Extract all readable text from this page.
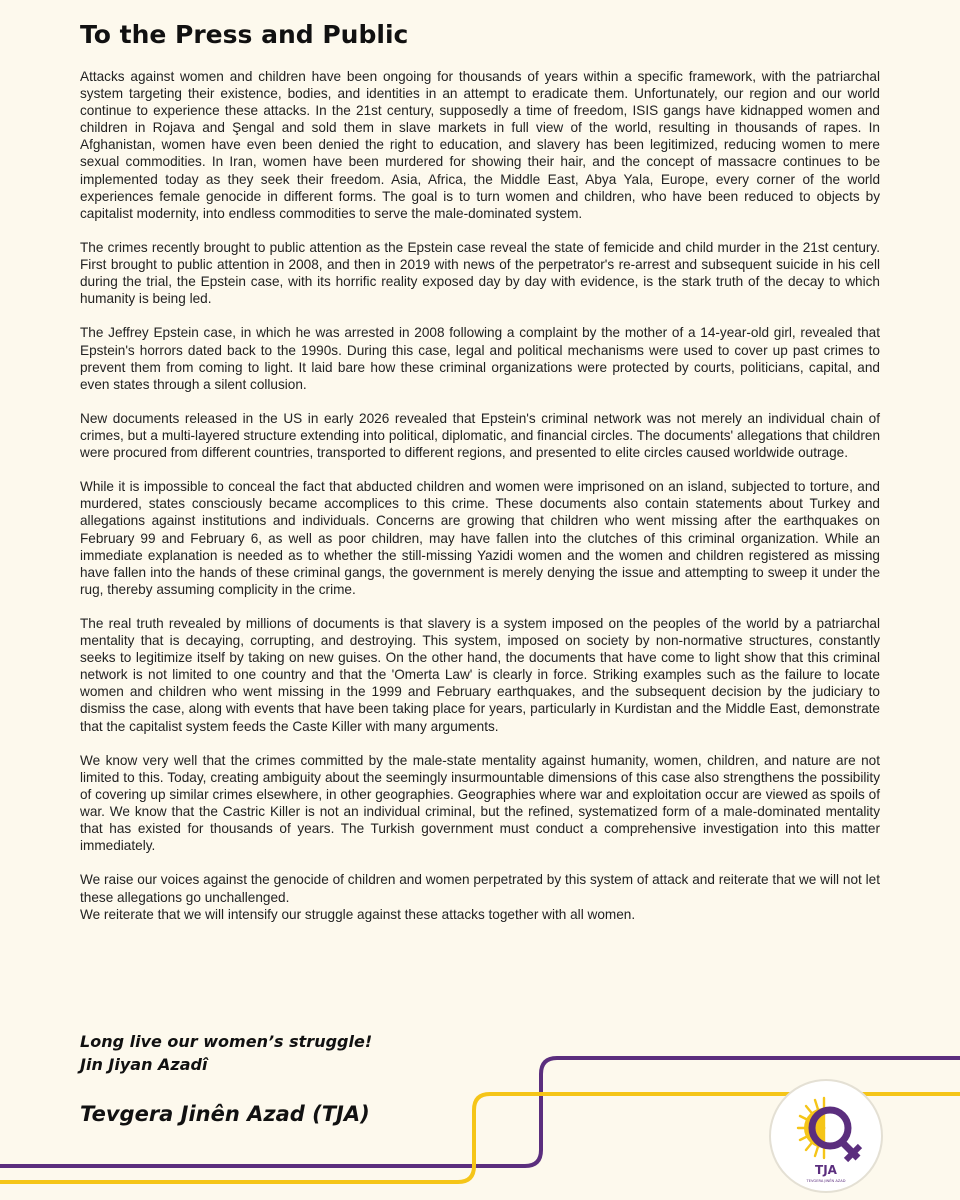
To the Press and Public

Attacks against women and children have been ongoing for thousands of years within a specific framework, with the patriarchal system targeting their existence, bodies, and identities in an attempt to eradicate them. Unfortunately, our region and our world continue to experience these attacks. In the 21st century, supposedly a time of freedom, ISIS gangs have kidnapped women and children in Rojava and Şengal and sold them in slave markets in full view of the world, resulting in thousands of rapes. In Afghanistan, women have even been denied the right to education, and slavery has been legitimized, reducing women to mere sexual commodities. In Iran, women have been murdered for showing their hair, and the concept of massacre continues to be implemented today as they seek their freedom. Asia, Africa, the Middle East, Abya Yala, Europe, every corner of the world experiences female genocide in different forms. The goal is to turn women and children, who have been reduced to objects by capitalist modernity, into endless commodities to serve the male-dominated system.

The crimes recently brought to public attention as the Epstein case reveal the state of femicide and child murder in the 21st century. First brought to public attention in 2008, and then in 2019 with news of the perpetrator's re-arrest and subsequent suicide in his cell during the trial, the Epstein case, with its horrific reality exposed day by day with evidence, is the stark truth of the decay to which humanity is being led.

The Jeffrey Epstein case, in which he was arrested in 2008 following a complaint by the mother of a 14-year-old girl, revealed that Epstein's horrors dated back to the 1990s. During this case, legal and political mechanisms were used to cover up past crimes to prevent them from coming to light. It laid bare how these criminal organizations were protected by courts, politicians, capital, and even states through a silent collusion.

New documents released in the US in early 2026 revealed that Epstein's criminal network was not merely an individual chain of crimes, but a multi-layered structure extending into political, diplomatic, and financial circles. The documents' allegations that children were procured from different countries, transported to different regions, and presented to elite circles caused worldwide outrage.

While it is impossible to conceal the fact that abducted children and women were imprisoned on an island, subjected to torture, and murdered, states consciously became accomplices to this crime. These documents also contain statements about Turkey and allegations against institutions and individuals. Concerns are growing that children who went missing after the earthquakes on February 99 and February 6, as well as poor children, may have fallen into the clutches of this criminal organization. While an immediate explanation is needed as to whether the still-missing Yazidi women and the women and children registered as missing have fallen into the hands of these criminal gangs, the government is merely denying the issue and attempting to sweep it under the rug, thereby assuming complicity in the crime.

The real truth revealed by millions of documents is that slavery is a system imposed on the peoples of the world by a patriarchal mentality that is decaying, corrupting, and destroying. This system, imposed on society by non-normative structures, constantly seeks to legitimize itself by taking on new guises. On the other hand, the documents that have come to light show that this criminal network is not limited to one country and that the 'Omerta Law' is clearly in force. Striking examples such as the failure to locate women and children who went missing in the 1999 and February earthquakes, and the subsequent decision by the judiciary to dismiss the case, along with events that have been taking place for years, particularly in Kurdistan and the Middle East, demonstrate that the capitalist system feeds the Caste Killer with many arguments.

We know very well that the crimes committed by the male-state mentality against humanity, women, children, and nature are not limited to this. Today, creating ambiguity about the seemingly insurmountable dimensions of this case also strengthens the possibility of covering up similar crimes elsewhere, in other geographies. Geographies where war and exploitation occur are viewed as spoils of war. We know that the Castric Killer is not an individual criminal, but the refined, systematized form of a male-dominated mentality that has existed for thousands of years. The Turkish government must conduct a comprehensive investigation into this matter immediately.

We raise our voices against the genocide of children and women perpetrated by this system of attack and reiterate that we will not let these allegations go unchallenged.

We reiterate that we will intensify our struggle against these attacks together with all women.

Long live our women’s struggle!
Jin Jiyan Azadî
Tevgera Jinên Azad (TJA)
TJA
TEVGERA JINÊN AZAD
